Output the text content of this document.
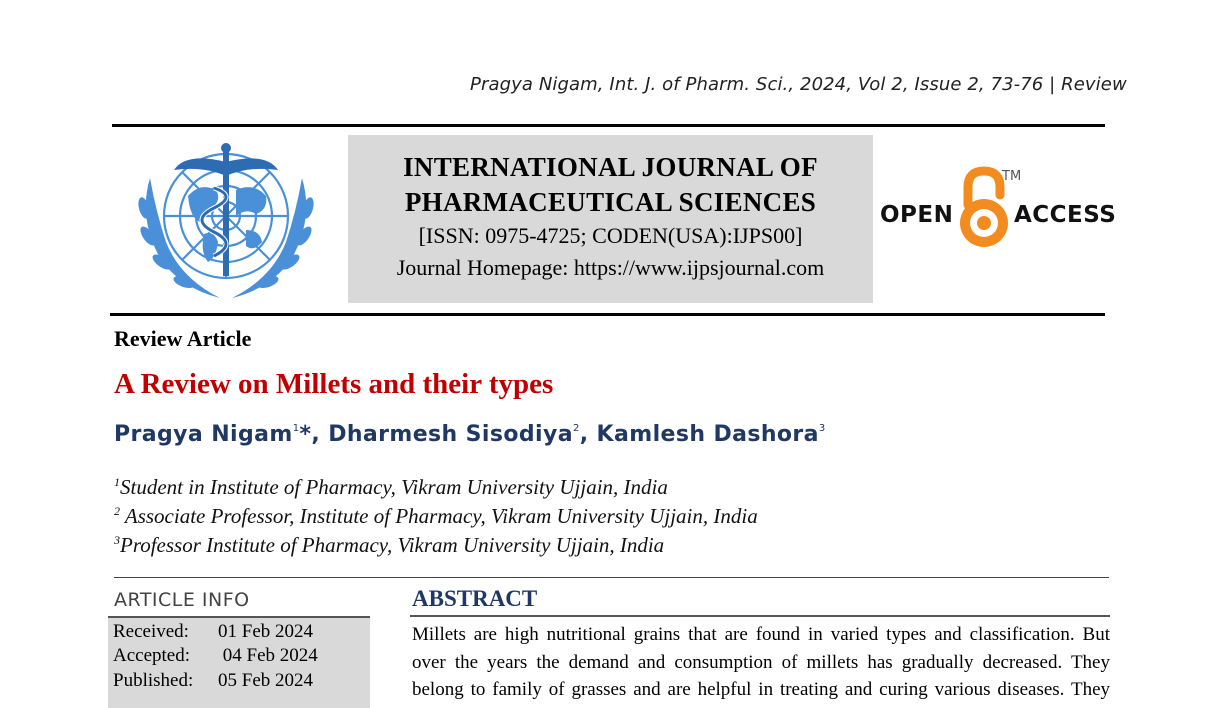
Pragya Nigam, Int. J. of Pharm. Sci., 2024, Vol 2, Issue 2, 73-76 | Review
INTERNATIONAL JOURNAL OF
PHARMACEUTICAL SCIENCES
[ISSN: 0975-4725; CODEN(USA):IJPS00]
Journal Homepage: https://www.ijpsjournal.com
OPEN
TM
ACCESS
Review Article
A Review on Millets and their types
Pragya Nigam$^1$*, Dharmesh Sisodiya$^2$, Kamlesh Dashora$^3$
$^1$Student in Institute of Pharmacy, Vikram University Ujjain, India
$^2$ Associate Professor, Institute of Pharmacy, Vikram University Ujjain, India
$^3$Professor Institute of Pharmacy, Vikram University Ujjain, India
ARTICLE INFO
Received: 01 Feb 2024
Accepted: 04 Feb 2024
Published: 05 Feb 2024
ABSTRACT
Millets are high nutritional grains that are found in varied types and classification. But
over the years the demand and consumption of millets has gradually decreased. They
belong to family of grasses and are helpful in treating and curing various diseases. They
